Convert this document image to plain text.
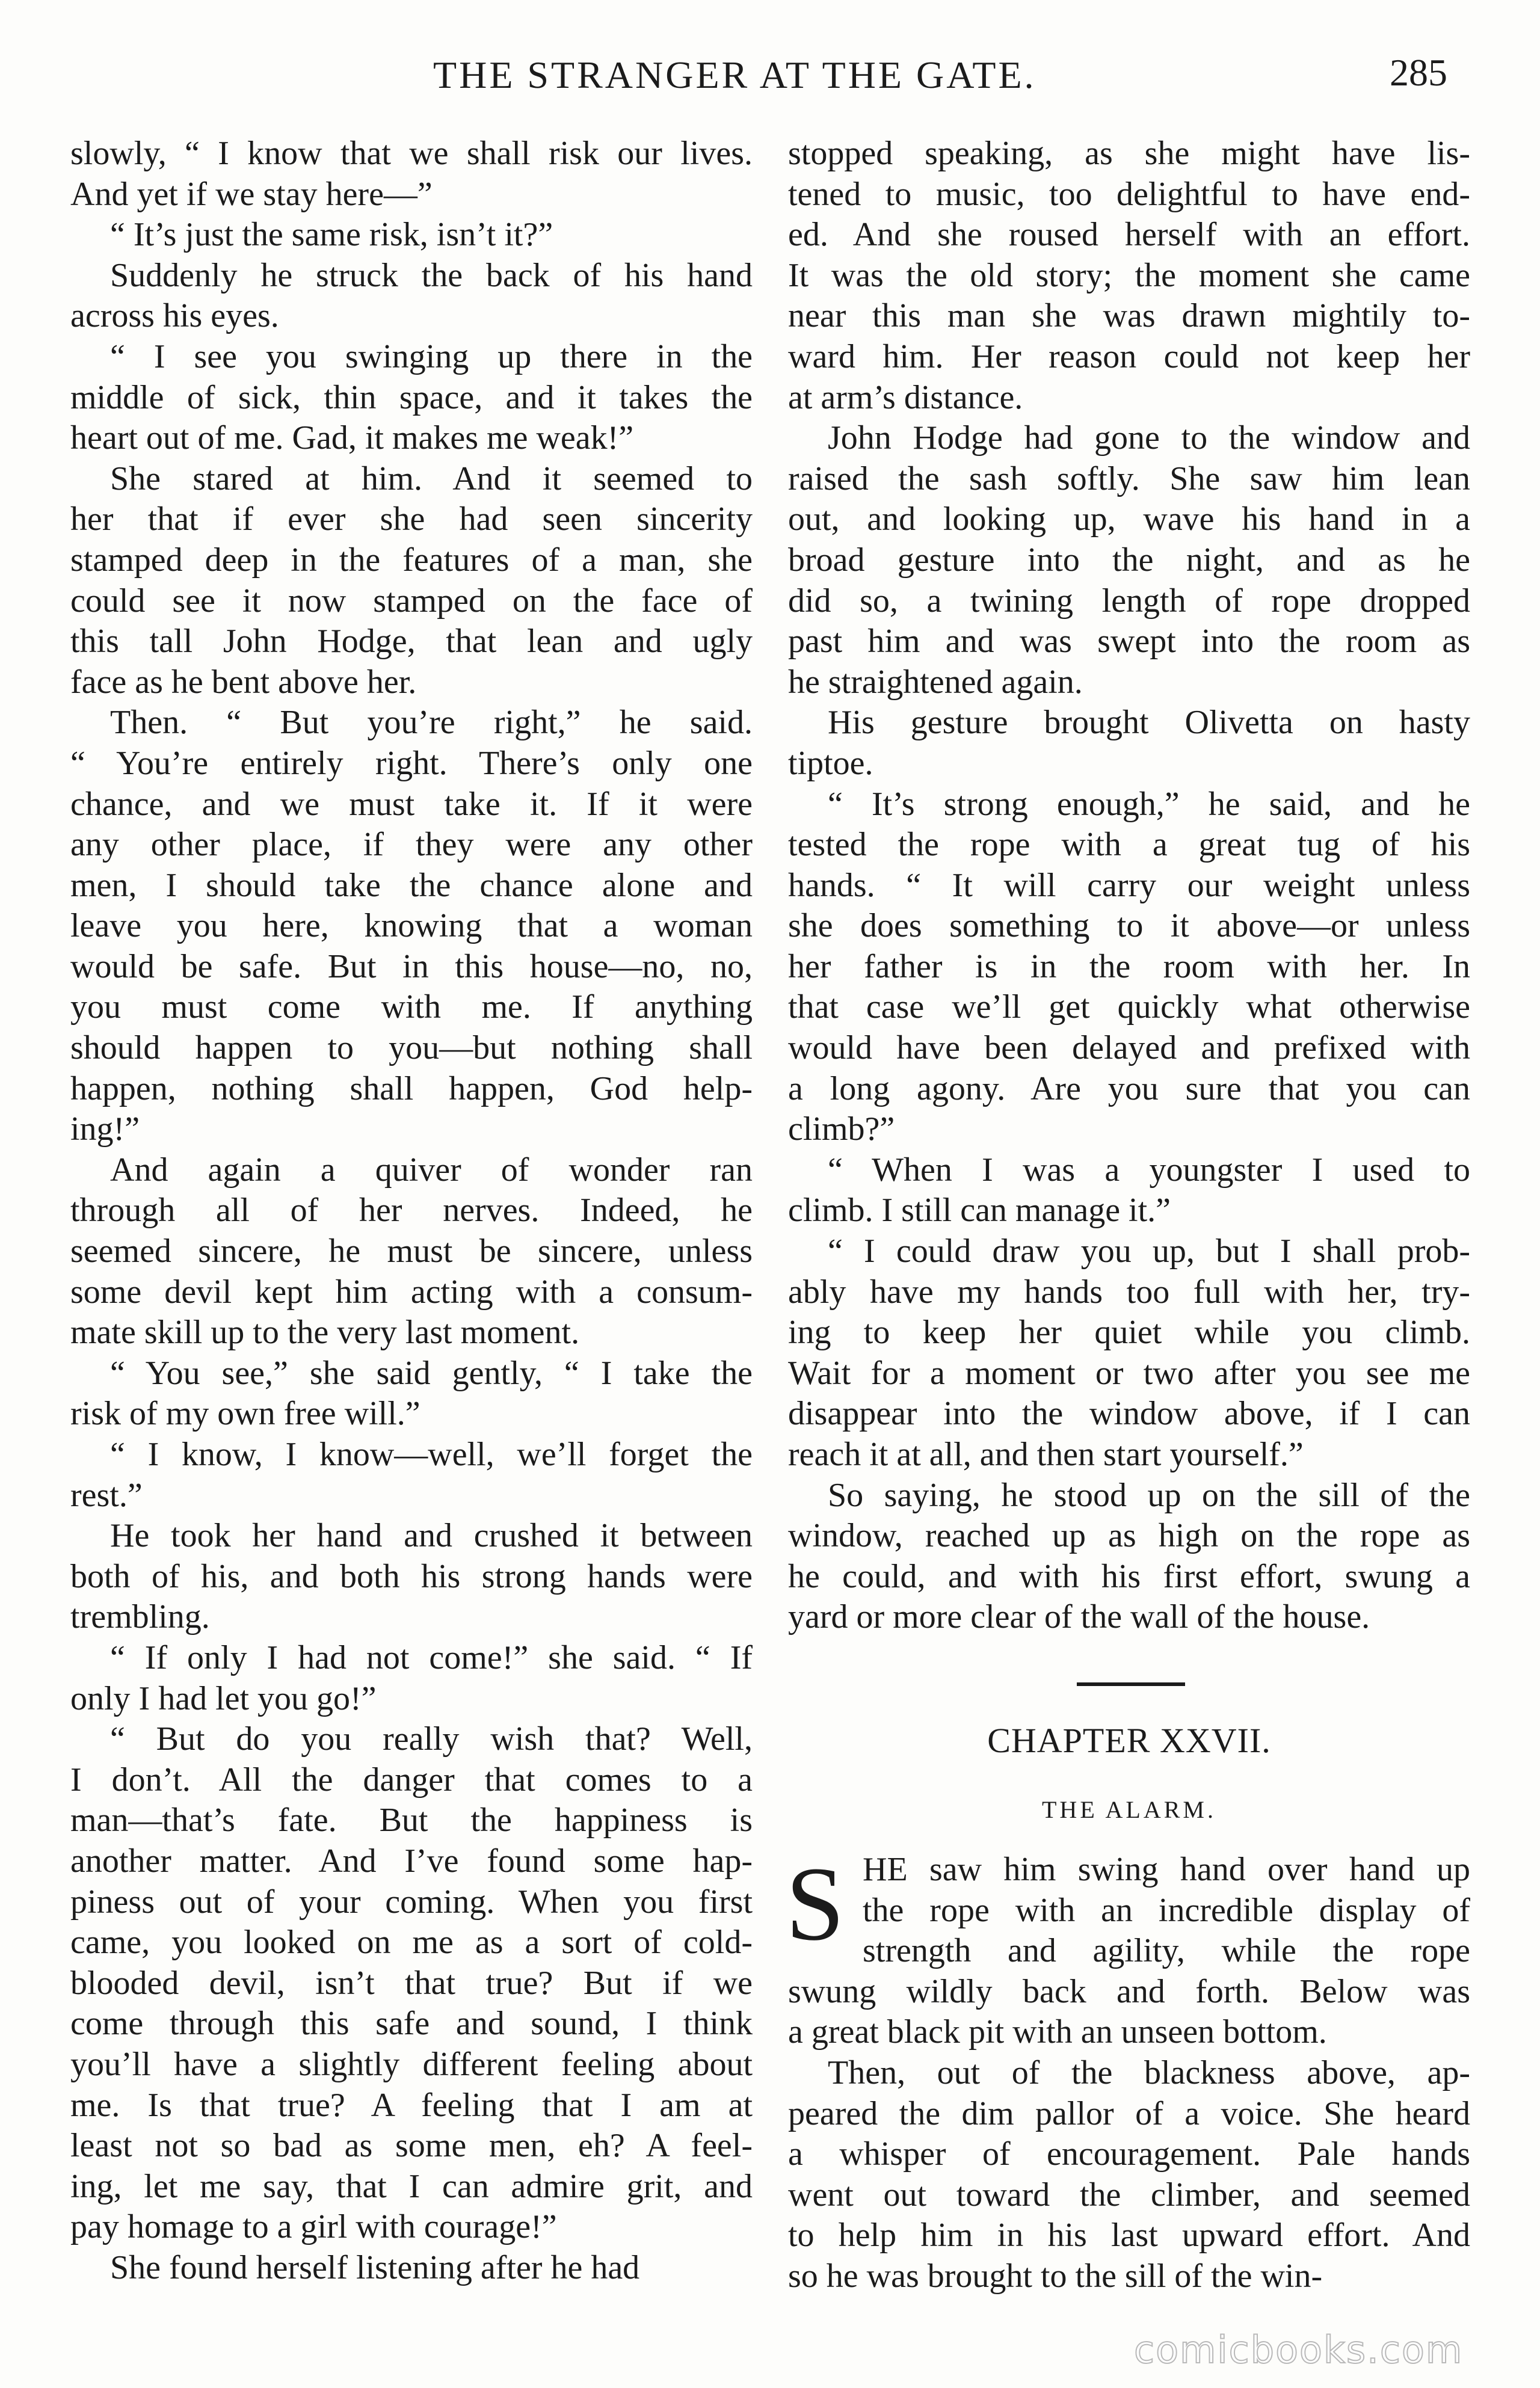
THE STRANGER AT THE GATE.	285
slowly, “ I know that we shall risk our lives.
And yet if we stay here—”
“ It’s just the same risk, isn’t it?”
Suddenly he struck the back of his hand
across his eyes.
“ I see you swinging up there in the
middle of sick, thin space, and it takes the
heart out of me. Gad, it makes me weak!”
She stared at him. And it seemed to
her that if ever she had seen sincerity
stamped deep in the features of a man, she
could see it now stamped on the face of
this tall John Hodge, that lean and ugly
face as he bent above her.
Then. “ But you’re right,” he said.
“ You’re entirely right. There’s only one
chance, and we must take it. If it were
any other place, if they were any other
men, I should take the chance alone and
leave you here, knowing that a woman
would be safe. But in this house—no, no,
you must come with me. If anything
should happen to you—but nothing shall
happen, nothing shall happen, God help-
ing!”
And again a quiver of wonder ran
through all of her nerves. Indeed, he
seemed sincere, he must be sincere, unless
some devil kept him acting with a consum-
mate skill up to the very last moment.
“ You see,” she said gently, “ I take the
risk of my own free will.”
“ I know, I know—well, we’ll forget the
rest.”
He took her hand and crushed it between
both of his, and both his strong hands were
trembling.
“ If only I had not come!” she said. “ If
only I had let you go!”
“ But do you really wish that? Well,
I don’t. All the danger that comes to a
man—that’s fate. But the happiness is
another matter. And I’ve found some hap-
piness out of your coming. When you first
came, you looked on me as a sort of cold-
blooded devil, isn’t that true? But if we
come through this safe and sound, I think
you’ll have a slightly different feeling about
me. Is that true? A feeling that I am at
least not so bad as some men, eh? A feel-
ing, let me say, that I can admire grit, and
pay homage to a girl with courage!”
She found herself listening after he had
stopped speaking, as she might have lis-
tened to music, too delightful to have end-
ed. And she roused herself with an effort.
It was the old story; the moment she came
near this man she was drawn mightily to-
ward him. Her reason could not keep her
at arm’s distance.
John Hodge had gone to the window and
raised the sash softly. She saw him lean
out, and looking up, wave his hand in a
broad gesture into the night, and as he
did so, a twining length of rope dropped
past him and was swept into the room as
he straightened again.
His gesture brought Olivetta on hasty
tiptoe.
“ It’s strong enough,” he said, and he
tested the rope with a great tug of his
hands. “ It will carry our weight unless
she does something to it above—or unless
her father is in the room with her. In
that case we’ll get quickly what otherwise
would have been delayed and prefixed with
a long agony. Are you sure that you can
climb?”
“ When I was a youngster I used to
climb. I still can manage it.”
“ I could draw you up, but I shall prob-
ably have my hands too full with her, try-
ing to keep her quiet while you climb.
Wait for a moment or two after you see me
disappear into the window above, if I can
reach it at all, and then start yourself.”
So saying, he stood up on the sill of the
window, reached up as high on the rope as
he could, and with his first effort, swung a
yard or more clear of the wall of the house.
CHAPTER XXVII.
THE ALARM.
S HE saw him swing hand over hand up
the rope with an incredible display of
strength and agility, while the rope
swung wildly back and forth. Below was
a great black pit with an unseen bottom.
Then, out of the blackness above, ap-
peared the dim pallor of a voice. She heard
a whisper of encouragement. Pale hands
went out toward the climber, and seemed
to help him in his last upward effort. And
so he was brought to the sill of the win-
comicbooks.com
